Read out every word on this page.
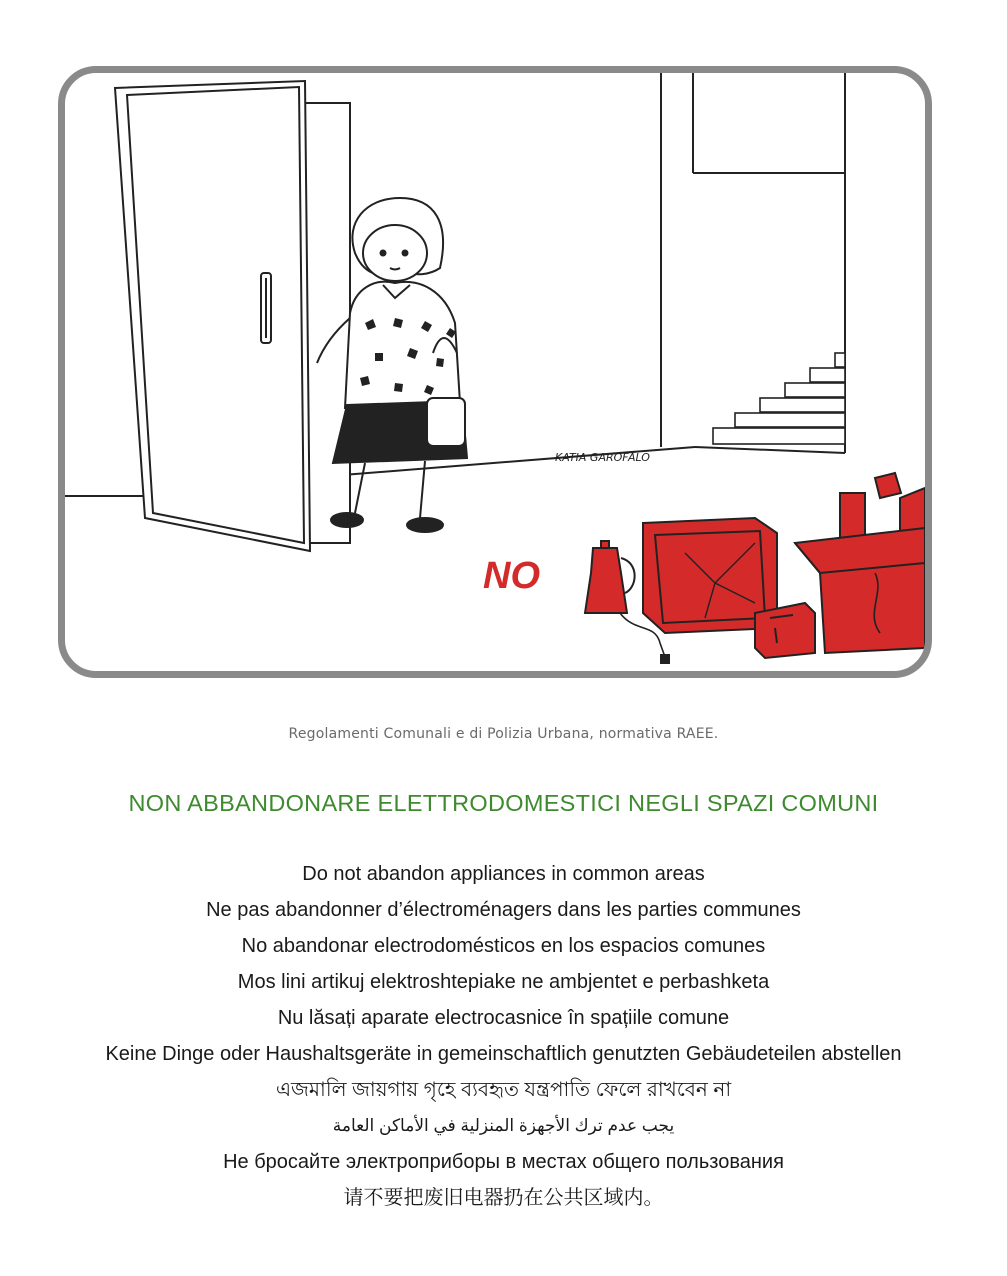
KATIA GAROFALO
NO
Regolamenti Comunali e di Polizia Urbana, normativa RAEE.
NON ABBANDONARE ELETTRODOMESTICI NEGLI SPAZI COMUNI
Do not abandon appliances in common areas
Ne pas abandonner d’électroménagers dans les parties communes
No abandonar electrodomésticos en los espacios comunes
Mos lini artikuj elektroshtepiake ne ambjentet e perbashketa
Nu lăsați aparate electrocasnice în spațiile comune
Keine Dinge oder Haushaltsgeräte in gemeinschaftlich genutzten Gebäudeteilen abstellen
এজমালি জায়গায় গৃহে ব্যবহৃত যন্ত্রপাতি ফেলে রাখবেন না
يجب عدم ترك الأجهزة المنزلية في الأماكن العامة
Не бросайте электроприборы в местах общего пользования
请不要把废旧电器扔在公共区域内。
